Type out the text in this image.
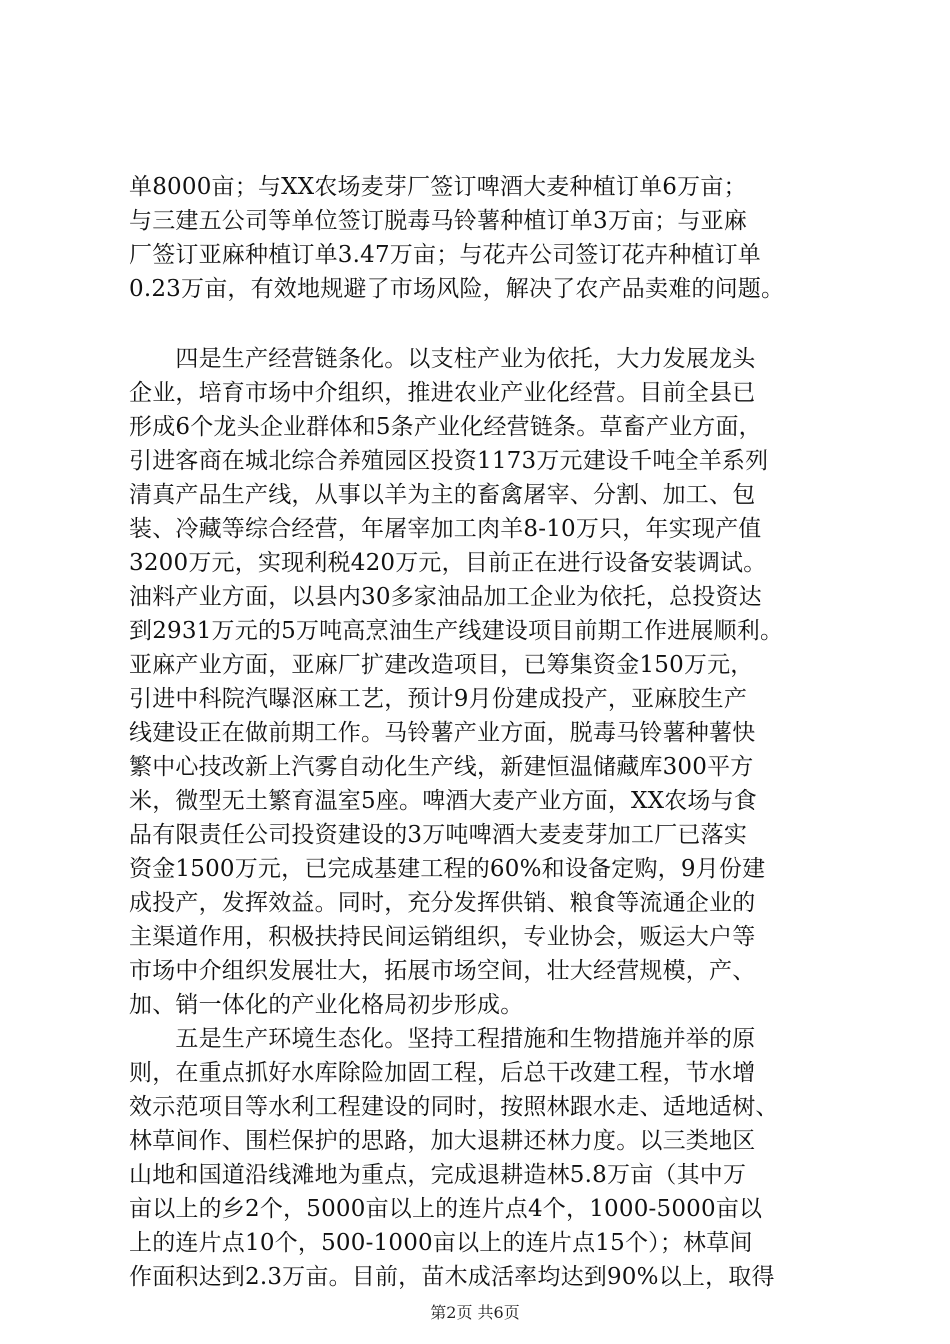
单8000亩；与XX农场麦芽厂签订啤酒大麦种植订单6万亩；
与三建五公司等单位签订脱毒马铃薯种植订单3万亩；与亚麻
厂签订亚麻种植订单3.47万亩；与花卉公司签订花卉种植订单
0.23万亩，有效地规避了市场风险，解决了农产品卖难的问题。
　　四是生产经营链条化。以支柱产业为依托，大力发展龙头
企业，培育市场中介组织，推进农业产业化经营。目前全县已
形成6个龙头企业群体和5条产业化经营链条。草畜产业方面，
引进客商在城北综合养殖园区投资1173万元建设千吨全羊系列
清真产品生产线，从事以羊为主的畜禽屠宰、分割、加工、包
装、冷藏等综合经营，年屠宰加工肉羊8-10万只，年实现产值
3200万元，实现利税420万元，目前正在进行设备安装调试。
油料产业方面，以县内30多家油品加工企业为依托，总投资达
到2931万元的5万吨高烹油生产线建设项目前期工作进展顺利。
亚麻产业方面，亚麻厂扩建改造项目，已筹集资金150万元，
引进中科院汽曝沤麻工艺，预计9月份建成投产，亚麻胶生产
线建设正在做前期工作。马铃薯产业方面，脱毒马铃薯种薯快
繁中心技改新上汽雾自动化生产线，新建恒温储藏库300平方
米，微型无土繁育温室5座。啤酒大麦产业方面，XX农场与食
品有限责任公司投资建设的3万吨啤酒大麦麦芽加工厂已落实
资金1500万元，已完成基建工程的60%和设备定购，9月份建
成投产，发挥效益。同时，充分发挥供销、粮食等流通企业的
主渠道作用，积极扶持民间运销组织，专业协会，贩运大户等
市场中介组织发展壮大，拓展市场空间，壮大经营规模，产、
加、销一体化的产业化格局初步形成。
　　五是生产环境生态化。坚持工程措施和生物措施并举的原
则，在重点抓好水库除险加固工程，后总干改建工程，节水增
效示范项目等水利工程建设的同时，按照林跟水走、适地适树、
林草间作、围栏保护的思路，加大退耕还林力度。以三类地区
山地和国道沿线滩地为重点，完成退耕造林5.8万亩（其中万
亩以上的乡2个，5000亩以上的连片点4个，1000-5000亩以
上的连片点10个，500-1000亩以上的连片点15个）；林草间
作面积达到2.3万亩。目前，苗木成活率均达到90%以上，取得
第2页 共6页
